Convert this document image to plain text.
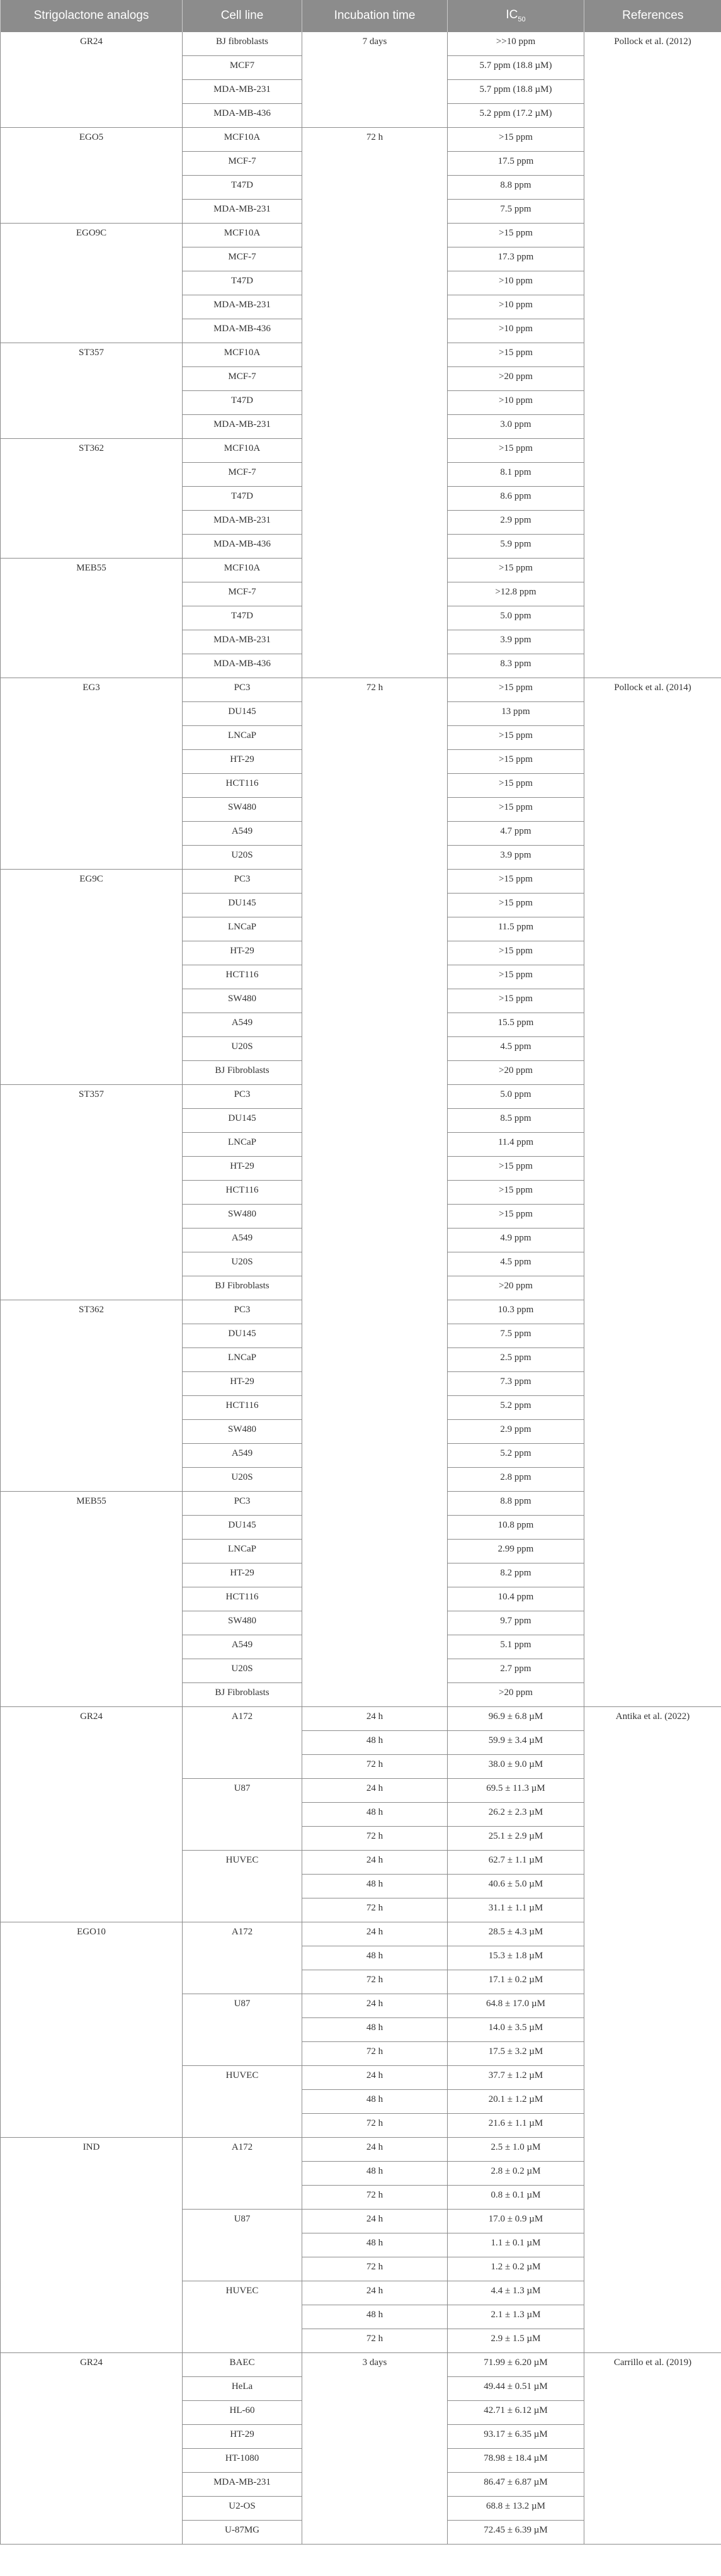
Strigolactone analogs	Cell line	Incubation time	$IC_{50}$	References
GR24	BJ fibroblasts	7 days	>>10 ppm	Pollock et al. (2012)
	MCF7		5.7 ppm (18.8 µM)	
	MDA-MB-231		5.7 ppm (18.8 µM)	
	MDA-MB-436		5.2 ppm (17.2 µM)	
EGO5	MCF10A	72 h	>15 ppm	
	MCF-7		17.5 ppm	
	T47D		8.8 ppm	
	MDA-MB-231		7.5 ppm	
EGO9C	MCF10A		>15 ppm	
	MCF-7		17.3 ppm	
	T47D		>10 ppm	
	MDA-MB-231		>10 ppm	
	MDA-MB-436		>10 ppm	
ST357	MCF10A		>15 ppm	
	MCF-7		>20 ppm	
	T47D		>10 ppm	
	MDA-MB-231		3.0 ppm	
ST362	MCF10A		>15 ppm	
	MCF-7		8.1 ppm	
	T47D		8.6 ppm	
	MDA-MB-231		2.9 ppm	
	MDA-MB-436		5.9 ppm	
MEB55	MCF10A		>15 ppm	
	MCF-7		>12.8 ppm	
	T47D		5.0 ppm	
	MDA-MB-231		3.9 ppm	
	MDA-MB-436		8.3 ppm	
EG3	PC3	72 h	>15 ppm	Pollock et al. (2014)
	DU145		13 ppm	
	LNCaP		>15 ppm	
	HT-29		>15 ppm	
	HCT116		>15 ppm	
	SW480		>15 ppm	
	A549		4.7 ppm	
	U20S		3.9 ppm	
EG9C	PC3		>15 ppm	
	DU145		>15 ppm	
	LNCaP		11.5 ppm	
	HT-29		>15 ppm	
	HCT116		>15 ppm	
	SW480		>15 ppm	
	A549		15.5 ppm	
	U20S		4.5 ppm	
	BJ Fibroblasts		>20 ppm	
ST357	PC3		5.0 ppm	
	DU145		8.5 ppm	
	LNCaP		11.4 ppm	
	HT-29		>15 ppm	
	HCT116		>15 ppm	
	SW480		>15 ppm	
	A549		4.9 ppm	
	U20S		4.5 ppm	
	BJ Fibroblasts		>20 ppm	
ST362	PC3		10.3 ppm	
	DU145		7.5 ppm	
	LNCaP		2.5 ppm	
	HT-29		7.3 ppm	
	HCT116		5.2 ppm	
	SW480		2.9 ppm	
	A549		5.2 ppm	
	U20S		2.8 ppm	
MEB55	PC3		8.8 ppm	
	DU145		10.8 ppm	
	LNCaP		2.99 ppm	
	HT-29		8.2 ppm	
	HCT116		10.4 ppm	
	SW480		9.7 ppm	
	A549		5.1 ppm	
	U20S		2.7 ppm	
	BJ Fibroblasts		>20 ppm	
GR24	A172	24 h	96.9 ± 6.8 µM	Antika et al. (2022)
		48 h	59.9 ± 3.4 µM	
		72 h	38.0 ± 9.0 µM	
	U87	24 h	69.5 ± 11.3 µM	
		48 h	26.2 ± 2.3 µM	
		72 h	25.1 ± 2.9 µM	
	HUVEC	24 h	62.7 ± 1.1 µM	
		48 h	40.6 ± 5.0 µM	
		72 h	31.1 ± 1.1 µM	
EGO10	A172	24 h	28.5 ± 4.3 µM	
		48 h	15.3 ± 1.8 µM	
		72 h	17.1 ± 0.2 µM	
	U87	24 h	64.8 ± 17.0 µM	
		48 h	14.0 ± 3.5 µM	
		72 h	17.5 ± 3.2 µM	
	HUVEC	24 h	37.7 ± 1.2 µM	
		48 h	20.1 ± 1.2 µM	
		72 h	21.6 ± 1.1 µM	
IND	A172	24 h	2.5 ± 1.0 µM	
		48 h	2.8 ± 0.2 µM	
		72 h	0.8 ± 0.1 µM	
	U87	24 h	17.0 ± 0.9 µM	
		48 h	1.1 ± 0.1 µM	
		72 h	1.2 ± 0.2 µM	
	HUVEC	24 h	4.4 ± 1.3 µM	
		48 h	2.1 ± 1.3 µM	
		72 h	2.9 ± 1.5 µM	
GR24	BAEC	3 days	71.99 ± 6.20 µM	Carrillo et al. (2019)
	HeLa		49.44 ± 0.51 µM	
	HL-60		42.71 ± 6.12 µM	
	HT-29		93.17 ± 6.35 µM	
	HT-1080		78.98 ± 18.4 µM	
	MDA-MB-231		86.47 ± 6.87 µM	
	U2-OS		68.8 ± 13.2 µM	
	U-87MG		72.45 ± 6.39 µM	
